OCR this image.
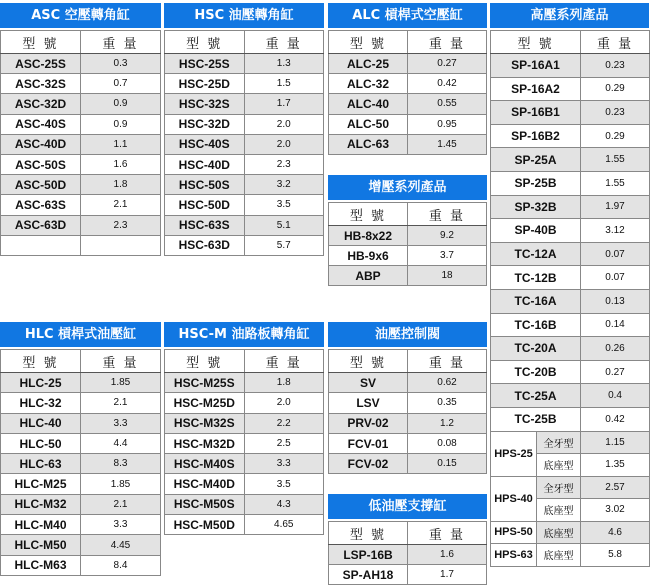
ASC 空壓轉角缸
型 號	重 量
ASC-25S	0.3
ASC-32S	0.7
ASC-32D	0.9
ASC-40S	0.9
ASC-40D	1.1
ASC-50S	1.6
ASC-50D	1.8
ASC-63S	2.1
ASC-63D	2.3

HSC 油壓轉角缸
型 號	重 量
HSC-25S	1.3
HSC-25D	1.5
HSC-32S	1.7
HSC-32D	2.0
HSC-40S	2.0
HSC-40D	2.3
HSC-50S	3.2
HSC-50D	3.5
HSC-63S	5.1
HSC-63D	5.7
ALC 槓桿式空壓缸
型 號	重 量
ALC-25	0.27
ALC-32	0.42
ALC-40	0.55
ALC-50	0.95
ALC-63	1.45
增壓系列產品
型 號	重 量
HB-8x22	9.2
HB-9x6	3.7
ABP	18
高壓系列產品
型 號		重 量
SP-16A1		0.23
SP-16A2		0.29
SP-16B1		0.23
SP-16B2		0.29
SP-25A		1.55
SP-25B		1.55
SP-32B		1.97
SP-40B		3.12
TC-12A		0.07
TC-12B		0.07
TC-16A		0.13
TC-16B		0.14
TC-20A		0.26
TC-20B		0.27
TC-25A		0.4
TC-25B		0.42
HPS-25	全牙型	1.15
	底座型	1.35
HPS-40	全牙型	2.57
	底座型	3.02
HPS-50	底座型	4.6
HPS-63	底座型	5.8
HLC 槓桿式油壓缸
型 號	重 量
HLC-25	1.85
HLC-32	2.1
HLC-40	3.3
HLC-50	4.4
HLC-63	8.3
HLC-M25	1.85
HLC-M32	2.1
HLC-M40	3.3
HLC-M50	4.45
HLC-M63	8.4
HSC-M 油路板轉角缸
型 號	重 量
HSC-M25S	1.8
HSC-M25D	2.0
HSC-M32S	2.2
HSC-M32D	2.5
HSC-M40S	3.3
HSC-M40D	3.5
HSC-M50S	4.3
HSC-M50D	4.65
油壓控制閥
型 號	重 量
SV	0.62
LSV	0.35
PRV-02	1.2
FCV-01	0.08
FCV-02	0.15
低油壓支撐缸
型 號	重 量
LSP-16B	1.6
SP-AH18	1.7
